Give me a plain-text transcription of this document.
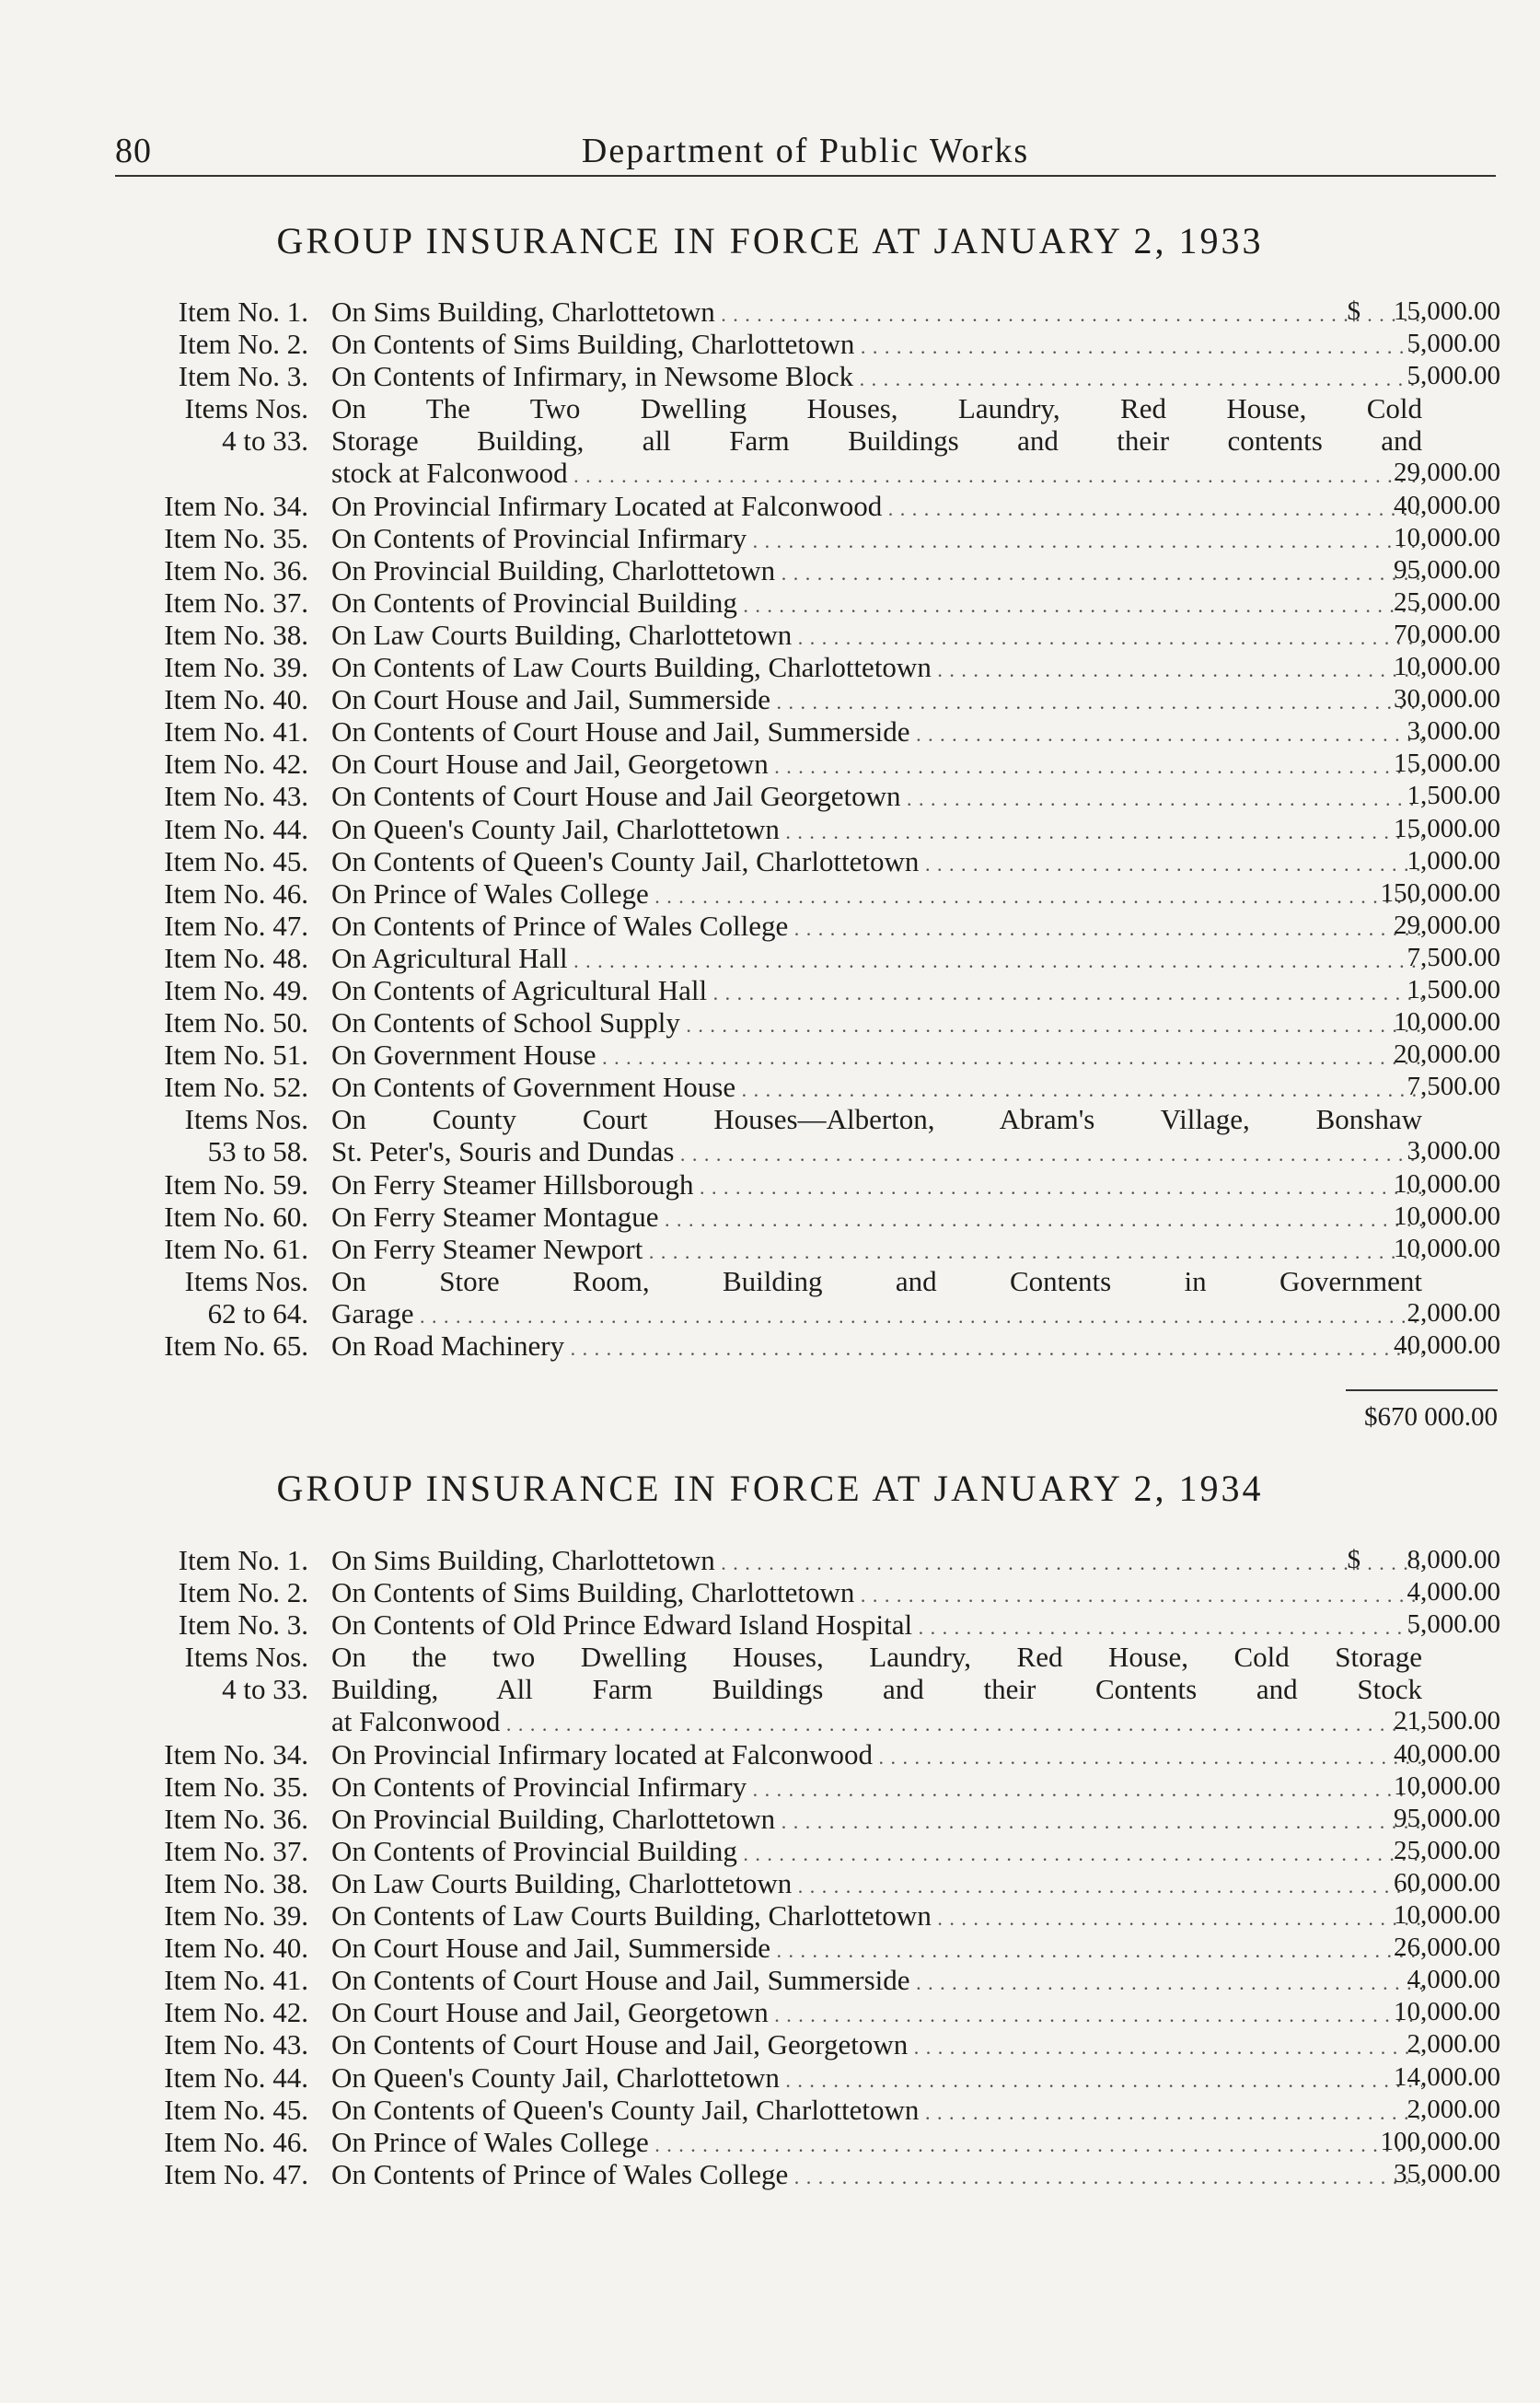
80	Department of Public Works
GROUP INSURANCE IN FORCE AT JANUARY 2, 1933
Item No. 1. On Sims Building, Charlottetown . . .	$	15,000.00
Item No. 2. On Contents of Sims Building, Charlottetown . . .	5,000.00
Item No. 3. On Contents of Infirmary, in Newsome Block . . .	5,000.00
Items Nos. On The Two Dwelling Houses, Laundry, Red House, Cold
4 to 33. Storage Building, all Farm Buildings and their contents and
stock at Falconwood . . .	29,000.00
Item No. 34. On Provincial Infirmary Located at Falconwood . . .	40,000.00
Item No. 35. On Contents of Provincial Infirmary . . .	10,000.00
Item No. 36. On Provincial Building, Charlottetown . . .	95,000.00
Item No. 37. On Contents of Provincial Building . . .	25,000.00
Item No. 38. On Law Courts Building, Charlottetown . . .	70,000.00
Item No. 39. On Contents of Law Courts Building, Charlottetown . . .	10,000.00
Item No. 40. On Court House and Jail, Summerside . . .	30,000.00
Item No. 41. On Contents of Court House and Jail, Summerside . . .	3,000.00
Item No. 42. On Court House and Jail, Georgetown . . .	15,000.00
Item No. 43. On Contents of Court House and Jail Georgetown . . .	1,500.00
Item No. 44. On Queen's County Jail, Charlottetown . . .	15,000.00
Item No. 45. On Contents of Queen's County Jail, Charlottetown . . .	1,000.00
Item No. 46. On Prince of Wales College . . .	150,000.00
Item No. 47. On Contents of Prince of Wales College . . .	29,000.00
Item No. 48. On Agricultural Hall . . .	7,500.00
Item No. 49. On Contents of Agricultural Hall . . .	1,500.00
Item No. 50. On Contents of School Supply . . .	10,000.00
Item No. 51. On Government House . . .	20,000.00
Item No. 52. On Contents of Government House . . .	7,500.00
Items Nos. On County Court Houses—Alberton, Abram's Village, Bonshaw
53 to 58. St. Peter's, Souris and Dundas . . .	3,000.00
Item No. 59. On Ferry Steamer Hillsborough . . .	10,000.00
Item No. 60. On Ferry Steamer Montague . . .	10,000.00
Item No. 61. On Ferry Steamer Newport . . .	10,000.00
Items Nos. On Store Room, Building and Contents in Government
62 to 64. Garage . . .	2,000.00
Item No. 65. On Road Machinery . . .	40,000.00
$670 000.00
GROUP INSURANCE IN FORCE AT JANUARY 2, 1934
Item No. 1. On Sims Building, Charlottetown . . .	$	8,000.00
Item No. 2. On Contents of Sims Building, Charlottetown . . .	4,000.00
Item No. 3. On Contents of Old Prince Edward Island Hospital . . .	5,000.00
Items Nos. On the two Dwelling Houses, Laundry, Red House, Cold Storage
4 to 33. Building, All Farm Buildings and their Contents and Stock
at Falconwood . . .	21,500.00
Item No. 34. On Provincial Infirmary located at Falconwood . . .	40,000.00
Item No. 35. On Contents of Provincial Infirmary . . .	10,000.00
Item No. 36. On Provincial Building, Charlottetown . . .	95,000.00
Item No. 37. On Contents of Provincial Building . . .	25,000.00
Item No. 38. On Law Courts Building, Charlottetown . . .	60,000.00
Item No. 39. On Contents of Law Courts Building, Charlottetown . . .	10,000.00
Item No. 40. On Court House and Jail, Summerside . . .	26,000.00
Item No. 41. On Contents of Court House and Jail, Summerside . . .	4,000.00
Item No. 42. On Court House and Jail, Georgetown . . .	10,000.00
Item No. 43. On Contents of Court House and Jail, Georgetown . . .	2,000.00
Item No. 44. On Queen's County Jail, Charlottetown . . .	14,000.00
Item No. 45. On Contents of Queen's County Jail, Charlottetown . . .	2,000.00
Item No. 46. On Prince of Wales College . . .	100,000.00
Item No. 47. On Contents of Prince of Wales College . . .	35,000.00
